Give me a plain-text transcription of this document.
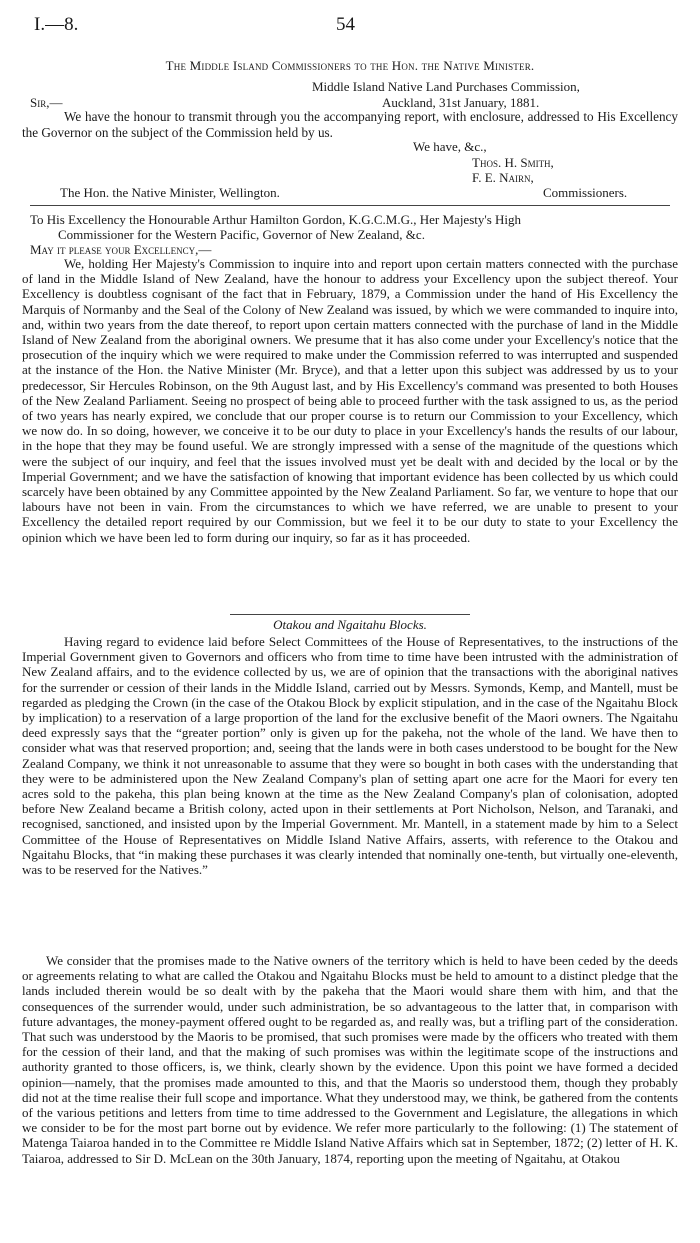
I.—8.	54
The Middle Island Commissioners to the Hon. the Native Minister.
Middle Island Native Land Purchases Commission,
Sir,—	Auckland, 31st January, 1881.
We have the honour to transmit through you the accompanying report, with enclosure, addressed to His Excellency the Governor on the subject of the Commission held by us.
We have, &c.,
Thos. H. Smith,
F. E. Nairn,
The Hon. the Native Minister, Wellington.	Commissioners.
To His Excellency the Honourable Arthur Hamilton Gordon, K.G.C.M.G., Her Majesty's High
Commissioner for the Western Pacific, Governor of New Zealand, &c.
May it please your Excellency,—
We, holding Her Majesty's Commission to inquire into and report upon certain matters connected with the purchase of land in the Middle Island of New Zealand, have the honour to address your Excellency upon the subject thereof. Your Excellency is doubtless cognisant of the fact that in February, 1879, a Commission under the hand of His Excellency the Marquis of Normanby and the Seal of the Colony of New Zealand was issued, by which we were commanded to inquire into, and, within two years from the date thereof, to report upon certain matters connected with the purchase of land in the Middle Island of New Zealand from the aboriginal owners. We presume that it has also come under your Excellency's notice that the prosecution of the inquiry which we were required to make under the Commission referred to was interrupted and suspended at the instance of the Hon. the Native Minister (Mr. Bryce), and that a letter upon this subject was addressed by us to your predecessor, Sir Hercules Robinson, on the 9th August last, and by His Excellency's command was presented to both Houses of the New Zealand Parliament. Seeing no prospect of being able to proceed further with the task assigned to us, as the period of two years has nearly expired, we conclude that our proper course is to return our Commission to your Excellency, which we now do. In so doing, however, we conceive it to be our duty to place in your Excellency's hands the results of our labour, in the hope that they may be found useful. We are strongly impressed with a sense of the magnitude of the questions which were the subject of our inquiry, and feel that the issues involved must yet be dealt with and decided by the local or by the Imperial Government; and we have the satisfaction of knowing that important evidence has been collected by us which could scarcely have been obtained by any Committee appointed by the New Zealand Parliament. So far, we venture to hope that our labours have not been in vain. From the circumstances to which we have referred, we are unable to present to your Excellency the detailed report required by our Commission, but we feel it to be our duty to state to your Excellency the opinion which we have been led to form during our inquiry, so far as it has proceeded.
Otakou and Ngaitahu Blocks.
Having regard to evidence laid before Select Committees of the House of Representatives, to the instructions of the Imperial Government given to Governors and officers who from time to time have been intrusted with the administration of New Zealand affairs, and to the evidence collected by us, we are of opinion that the transactions with the aboriginal natives for the surrender or cession of their lands in the Middle Island, carried out by Messrs. Symonds, Kemp, and Mantell, must be regarded as pledging the Crown (in the case of the Otakou Block by explicit stipulation, and in the case of the Ngaitahu Block by implication) to a reservation of a large proportion of the land for the exclusive benefit of the Maori owners. The Ngaitahu deed expressly says that the “greater portion” only is given up for the pakeha, not the whole of the land. We have then to consider what was that reserved proportion; and, seeing that the lands were in both cases understood to be bought for the New Zealand Company, we think it not unreasonable to assume that they were so bought in both cases with the understanding that they were to be administered upon the New Zealand Company's plan of setting apart one acre for the Maori for every ten acres sold to the pakeha, this plan being known at the time as the New Zealand Company's plan of colonisation, adopted before New Zealand became a British colony, acted upon in their settlements at Port Nicholson, Nelson, and Taranaki, and recognised, sanctioned, and insisted upon by the Imperial Government. Mr. Mantell, in a statement made by him to a Select Committee of the House of Representatives on Middle Island Native Affairs, asserts, with reference to the Otakou and Ngaitahu Blocks, that “in making these purchases it was clearly intended that nominally one-tenth, but virtually one-eleventh, was to be reserved for the Natives.”
We consider that the promises made to the Native owners of the territory which is held to have been ceded by the deeds or agreements relating to what are called the Otakou and Ngaitahu Blocks must be held to amount to a distinct pledge that the lands included therein would be so dealt with by the pakeha that the Maori would share them with him, and that the consequences of the surrender would, under such administration, be so advantageous to the latter that, in comparison with future advantages, the money-payment offered ought to be regarded as, and really was, but a trifling part of the consideration. That such was understood by the Maoris to be promised, that such promises were made by the officers who treated with them for the cession of their land, and that the making of such promises was within the legitimate scope of the instructions and authority granted to those officers, is, we think, clearly shown by the evidence. Upon this point we have formed a decided opinion—namely, that the promises made amounted to this, and that the Maoris so understood them, though they probably did not at the time realise their full scope and importance. What they understood may, we think, be gathered from the contents of the various petitions and letters from time to time addressed to the Government and Legislature, the allegations in which we consider to be for the most part borne out by evidence. We refer more particularly to the following: (1) The statement of Matenga Taiaroa handed in to the Committee re Middle Island Native Affairs which sat in September, 1872; (2) letter of H. K. Taiaroa, addressed to Sir D. McLean on the 30th January, 1874, reporting upon the meeting of Ngaitahu, at Otakou
